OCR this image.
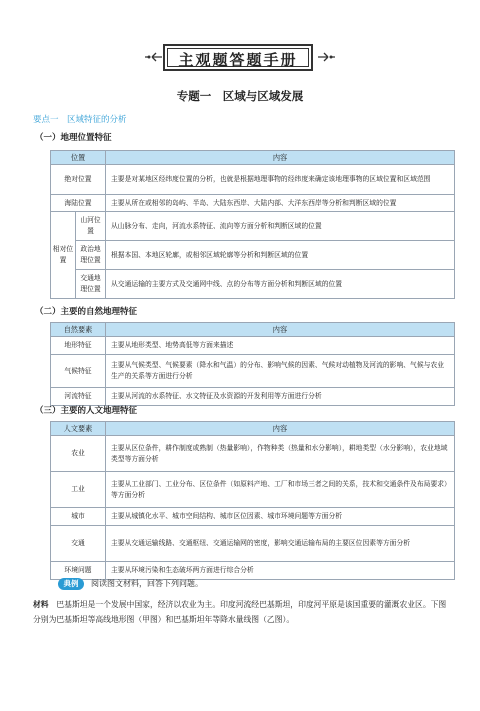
主观题答题手册
专题一　区域与区域发展
要点一　区域特征的分析
（一）地理位置特征
位置		内容
绝对位置		主要是对某地区经纬度位置的分析，也就是根据地理事物的经纬度来确定该地理事物的区域位置和区域范围
海陆位置		主要从所在或相邻的岛屿、半岛、大陆东西岸、大陆内部、大洋东西岸等分析和判断区域的位置
相对位置	山河位置	从山脉分布、走向，河流水系特征、流向等方面分析和判断区域的位置
	政治地理位置	根据本国、本地区轮廓，或相邻区域轮廓等分析和判断区域的位置
	交通地理位置	从交通运输的主要方式及交通网中线、点的分布等方面分析和判断区域的位置
（二）主要的自然地理特征
自然要素	内容
地形特征	主要从地形类型、地势高低等方面来描述
气候特征	主要从气候类型、气候要素（降水和气温）的分布、影响气候的因素、气候对动植物及河流的影响、气候与农业生产的关系等方面进行分析
河流特征	主要从河流的水系特征、水文特征及水资源的开发利用等方面进行分析
（三）主要的人文地理特征
人文要素	内容
农业	主要从区位条件，耕作制度或熟制（热量影响），作物种类（热量和水分影响），耕地类型（水分影响），农业地域类型等方面分析
工业	主要从工业部门、工业分布、区位条件（如原料产地、工厂和市场三者之间的关系，技术和交通条件及布局要求）等方面分析
城市	主要从城镇化水平、城市空间结构、城市区位因素、城市环境问题等方面分析
交通	主要从交通运输线路、交通枢纽、交通运输网的密度，影响交通运输布局的主要区位因素等方面分析
环境问题	主要从环境污染和生态破坏两方面进行综合分析
典例	阅读图文材料，回答下列问题。
材料　巴基斯坦是一个发展中国家，经济以农业为主。印度河流经巴基斯坦，印度河平原是该国重要的灌溉农业区。下图分别为巴基斯坦等高线地形图（甲图）和巴基斯坦年等降水量线图（乙图）。
